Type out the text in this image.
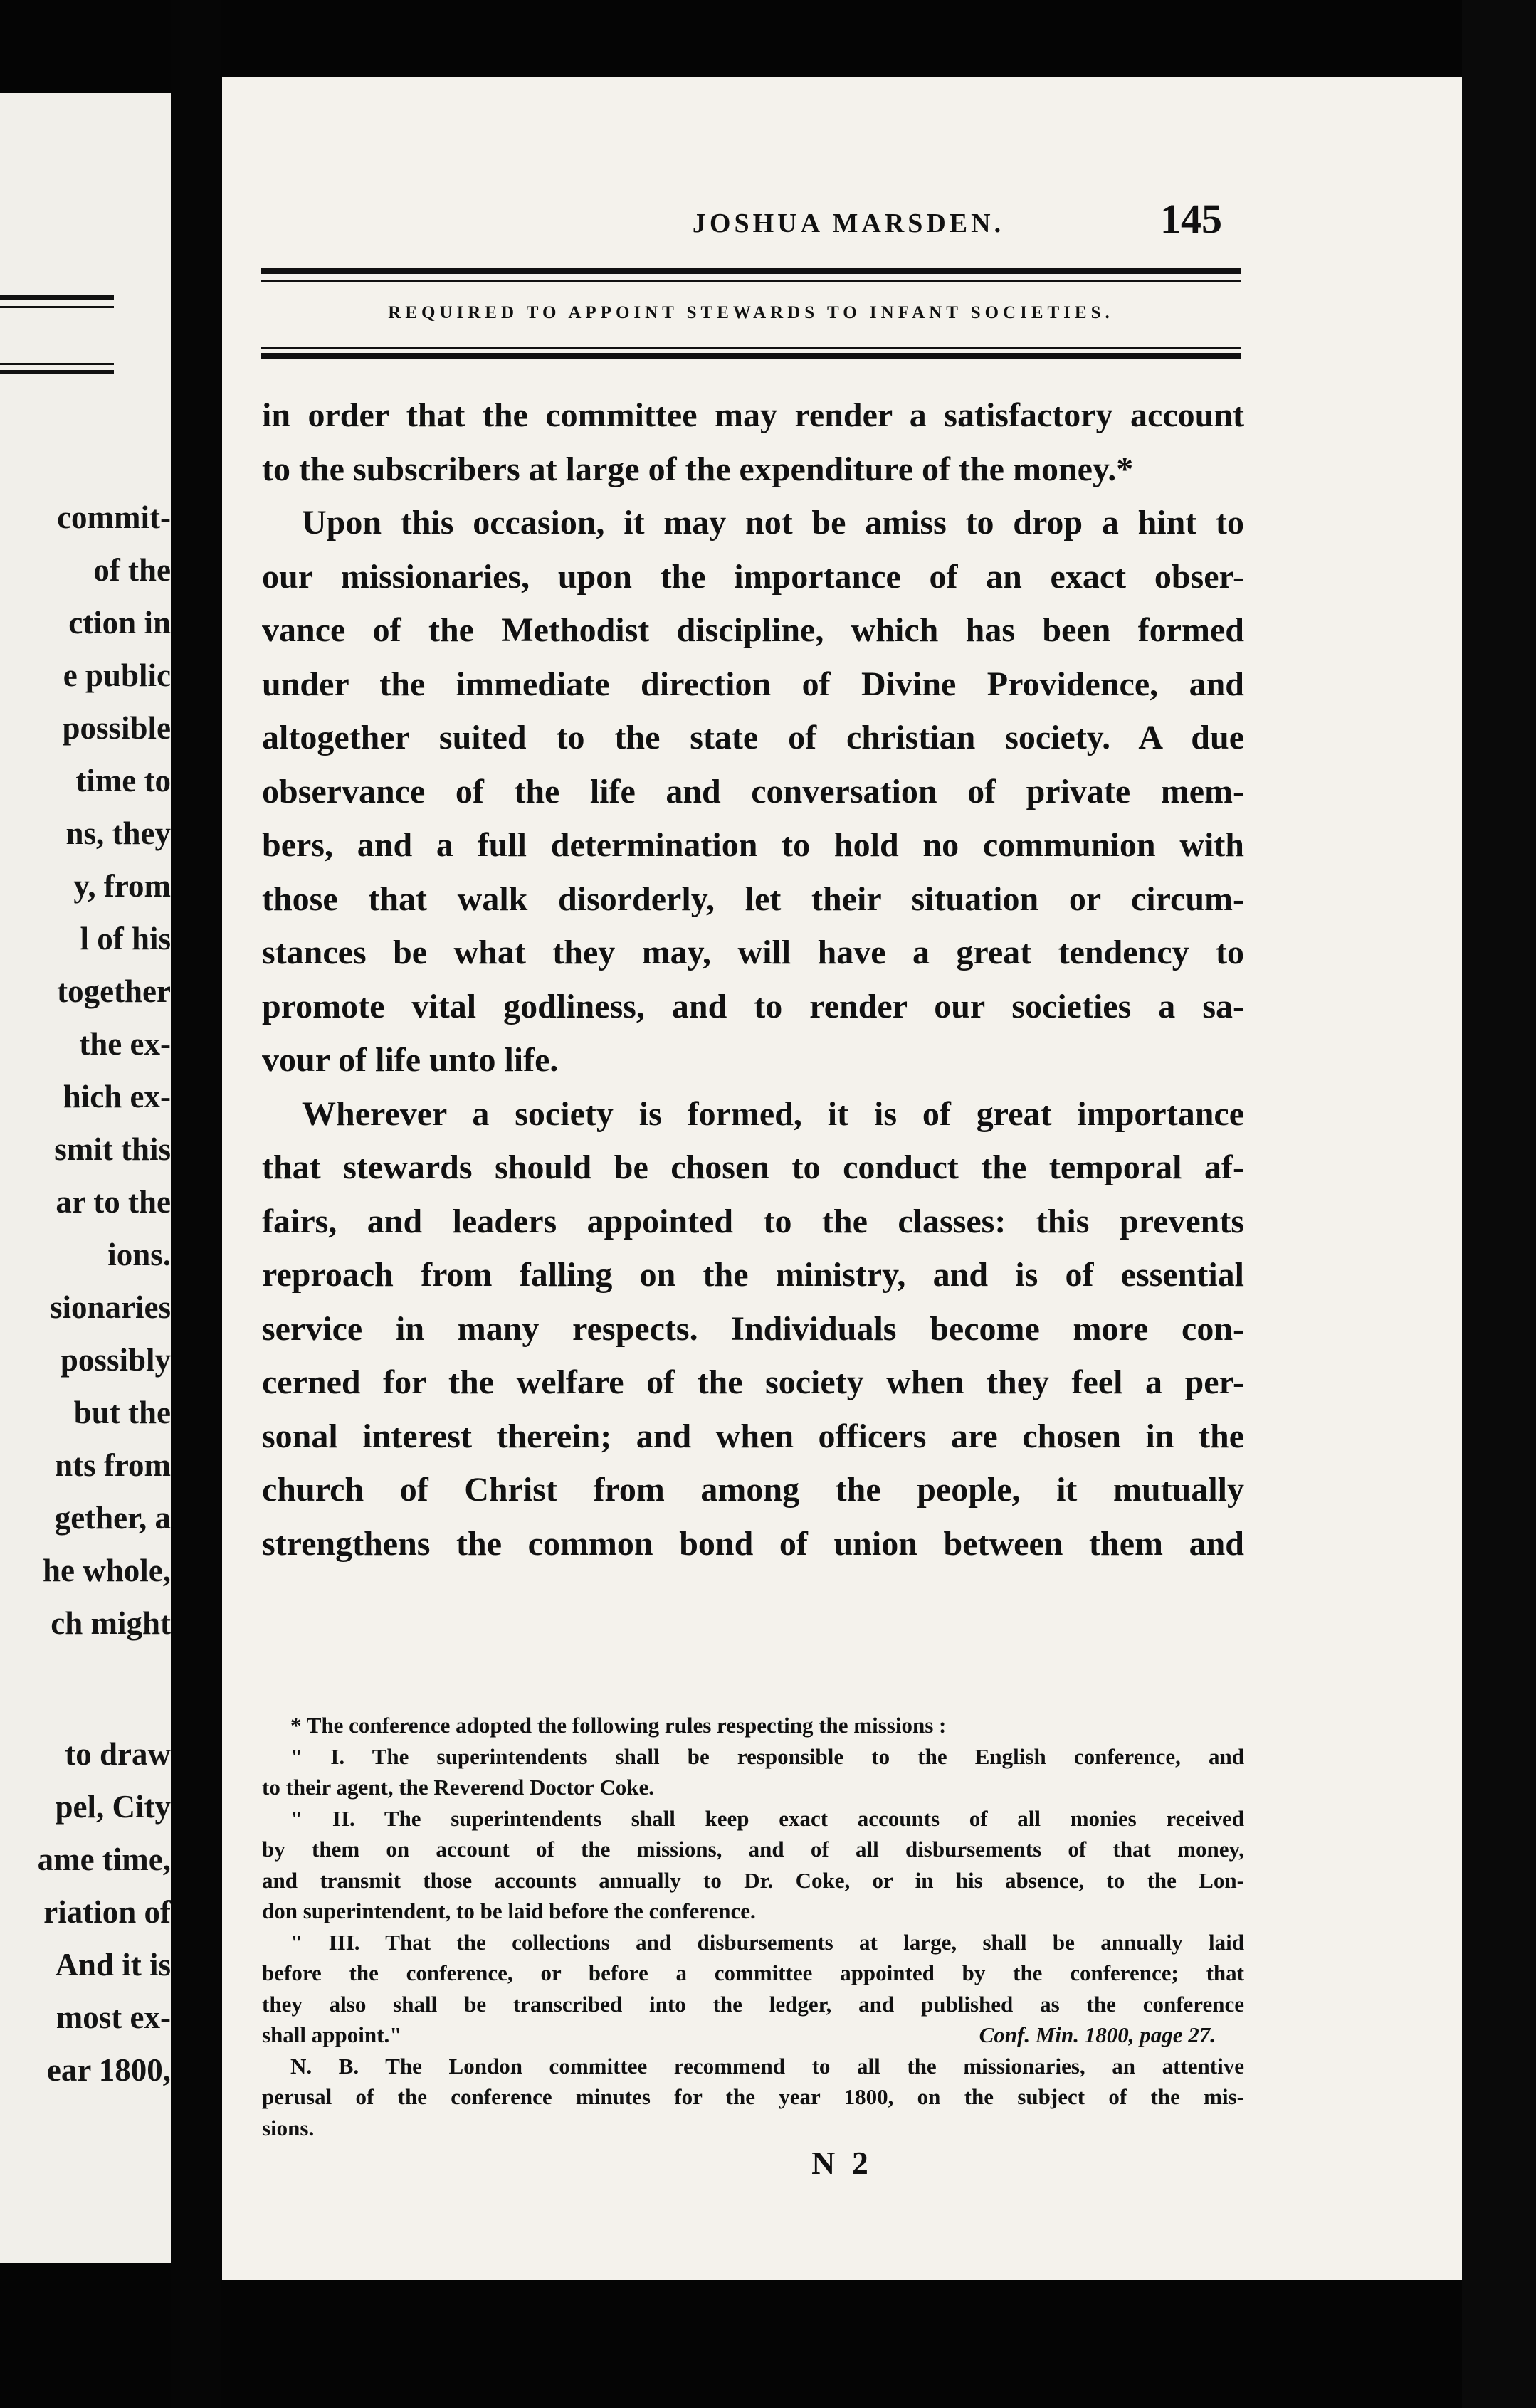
commit-
of the
ction in
e public
possible
time to
ns, they
y, from
l of his
together
the ex-
hich ex-
smit this
ar to the
ions.
sionaries
possibly
but the
nts from
gether, a
he whole,
ch might
to draw
pel, City
ame time,
riation of
And it is
most ex-
ear 1800,
JOSHUA MARSDEN.	145
REQUIRED TO APPOINT STEWARDS TO INFANT SOCIETIES.
in order that the committee may render a satisfactory account
to the subscribers at large of the expenditure of the money.*
Upon this occasion, it may not be amiss to drop a hint to
our missionaries, upon the importance of an exact obser-
vance of the Methodist discipline, which has been formed
under the immediate direction of Divine Providence, and
altogether suited to the state of christian society. A due
observance of the life and conversation of private mem-
bers, and a full determination to hold no communion with
those that walk disorderly, let their situation or circum-
stances be what they may, will have a great tendency to
promote vital godliness, and to render our societies a sa-
vour of life unto life.
Wherever a society is formed, it is of great importance
that stewards should be chosen to conduct the temporal af-
fairs, and leaders appointed to the classes: this prevents
reproach from falling on the ministry, and is of essential
service in many respects. Individuals become more con-
cerned for the welfare of the society when they feel a per-
sonal interest therein; and when officers are chosen in the
church of Christ from among the people, it mutually
strengthens the common bond of union between them and
* The conference adopted the following rules respecting the missions :
" I. The superintendents shall be responsible to the English conference, and
to their agent, the Reverend Doctor Coke.
" II. The superintendents shall keep exact accounts of all monies received
by them on account of the missions, and of all disbursements of that money,
and transmit those accounts annually to Dr. Coke, or in his absence, to the Lon-
don superintendent, to be laid before the conference.
" III. That the collections and disbursements at large, shall be annually laid
before the conference, or before a committee appointed by the conference; that
they also shall be transcribed into the ledger, and published as the conference
shall appoint."	Conf. Min. 1800, page 27.
N. B. The London committee recommend to all the missionaries, an attentive
perusal of the conference minutes for the year 1800, on the subject of the mis-
sions.
N 2
